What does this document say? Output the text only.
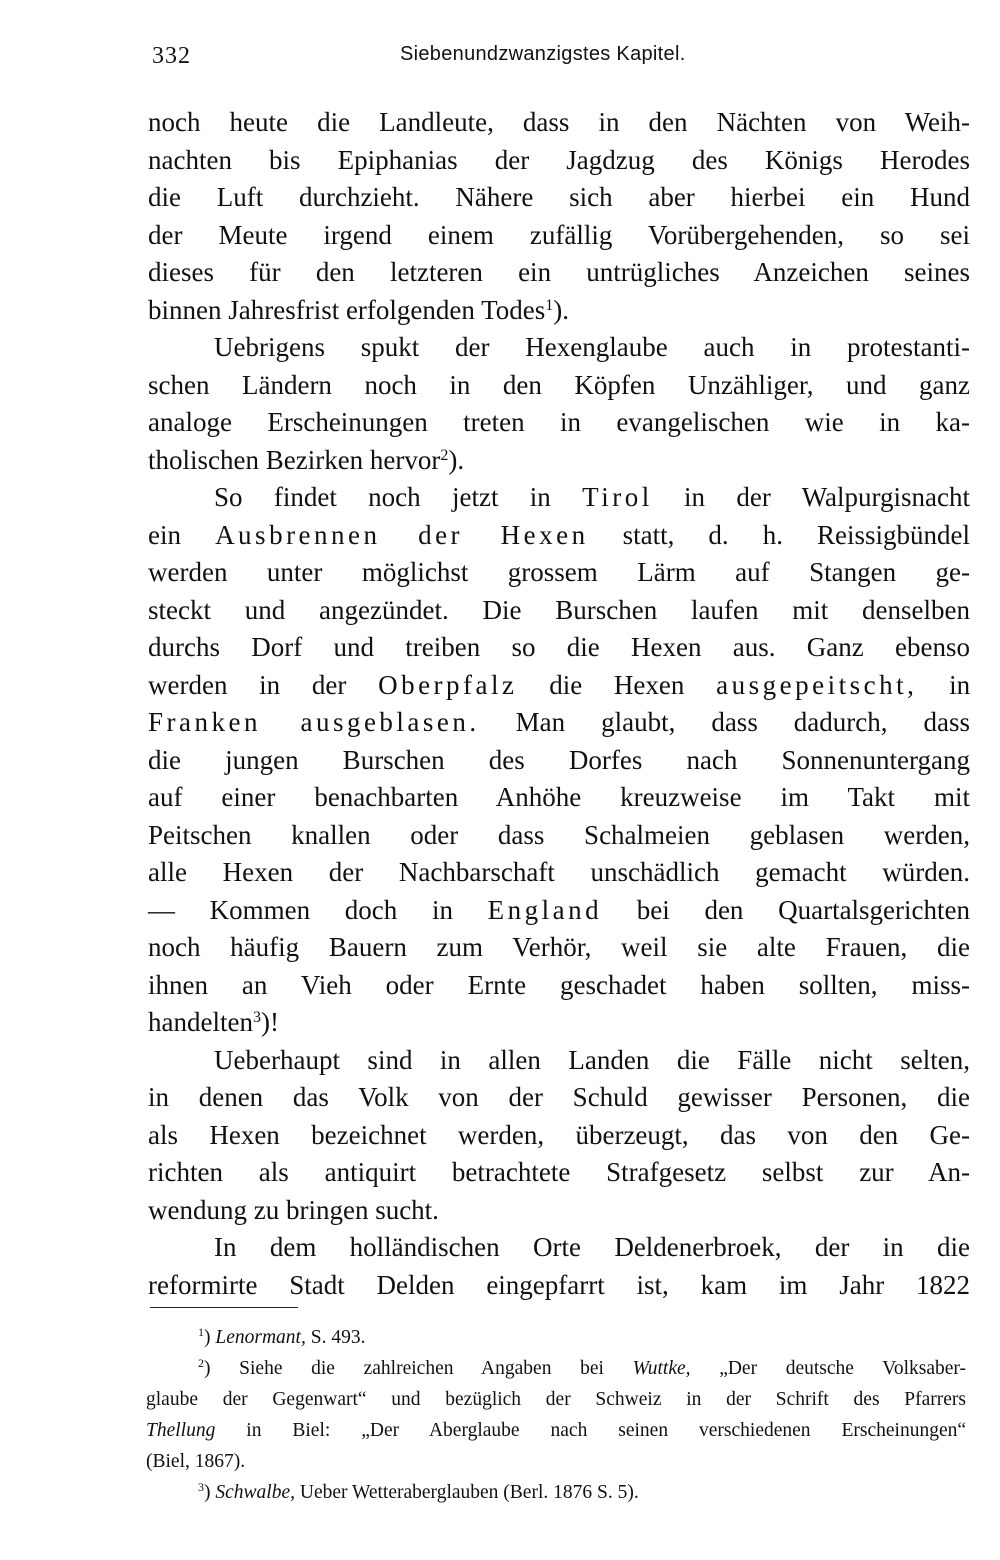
332	Siebenundzwanzigstes Kapitel.
noch heute die Landleute, dass in den Nächten von Weih-
nachten bis Epiphanias der Jagdzug des Königs Herodes
die Luft durchzieht. Nähere sich aber hierbei ein Hund
der Meute irgend einem zufällig Vorübergehenden, so sei
dieses für den letzteren ein untrügliches Anzeichen seines
binnen Jahresfrist erfolgenden Todes$^1$).
Uebrigens spukt der Hexenglaube auch in protestanti-
schen Ländern noch in den Köpfen Unzähliger, und ganz
analoge Erscheinungen treten in evangelischen wie in ka-
tholischen Bezirken hervor$^2$).
So findet noch jetzt in Tirol in der Walpurgisnacht
ein Ausbrennen der Hexen statt, d. h. Reissigbündel
werden unter möglichst grossem Lärm auf Stangen ge-
steckt und angezündet. Die Burschen laufen mit denselben
durchs Dorf und treiben so die Hexen aus. Ganz ebenso
werden in der Oberpfalz die Hexen ausgepeitscht, in
Franken ausgeblasen. Man glaubt, dass dadurch, dass
die jungen Burschen des Dorfes nach Sonnenuntergang
auf einer benachbarten Anhöhe kreuzweise im Takt mit
Peitschen knallen oder dass Schalmeien geblasen werden,
alle Hexen der Nachbarschaft unschädlich gemacht würden.
— Kommen doch in England bei den Quartalsgerichten
noch häufig Bauern zum Verhör, weil sie alte Frauen, die
ihnen an Vieh oder Ernte geschadet haben sollten, miss-
handelten$^3$)!
Ueberhaupt sind in allen Landen die Fälle nicht selten,
in denen das Volk von der Schuld gewisser Personen, die
als Hexen bezeichnet werden, überzeugt, das von den Ge-
richten als antiquirt betrachtete Strafgesetz selbst zur An-
wendung zu bringen sucht.
In dem holländischen Orte Deldenerbroek, der in die
reformirte Stadt Delden eingepfarrt ist, kam im Jahr 1822
$^1$) Lenormant, S. 493.
$^2$) Siehe die zahlreichen Angaben bei Wuttke, „Der deutsche Volksaber-
glaube der Gegenwart“ und bezüglich der Schweiz in der Schrift des Pfarrers
Thellung in Biel: „Der Aberglaube nach seinen verschiedenen Erscheinungen“
(Biel, 1867).
$^3$) Schwalbe, Ueber Wetteraberglauben (Berl. 1876 S. 5).
